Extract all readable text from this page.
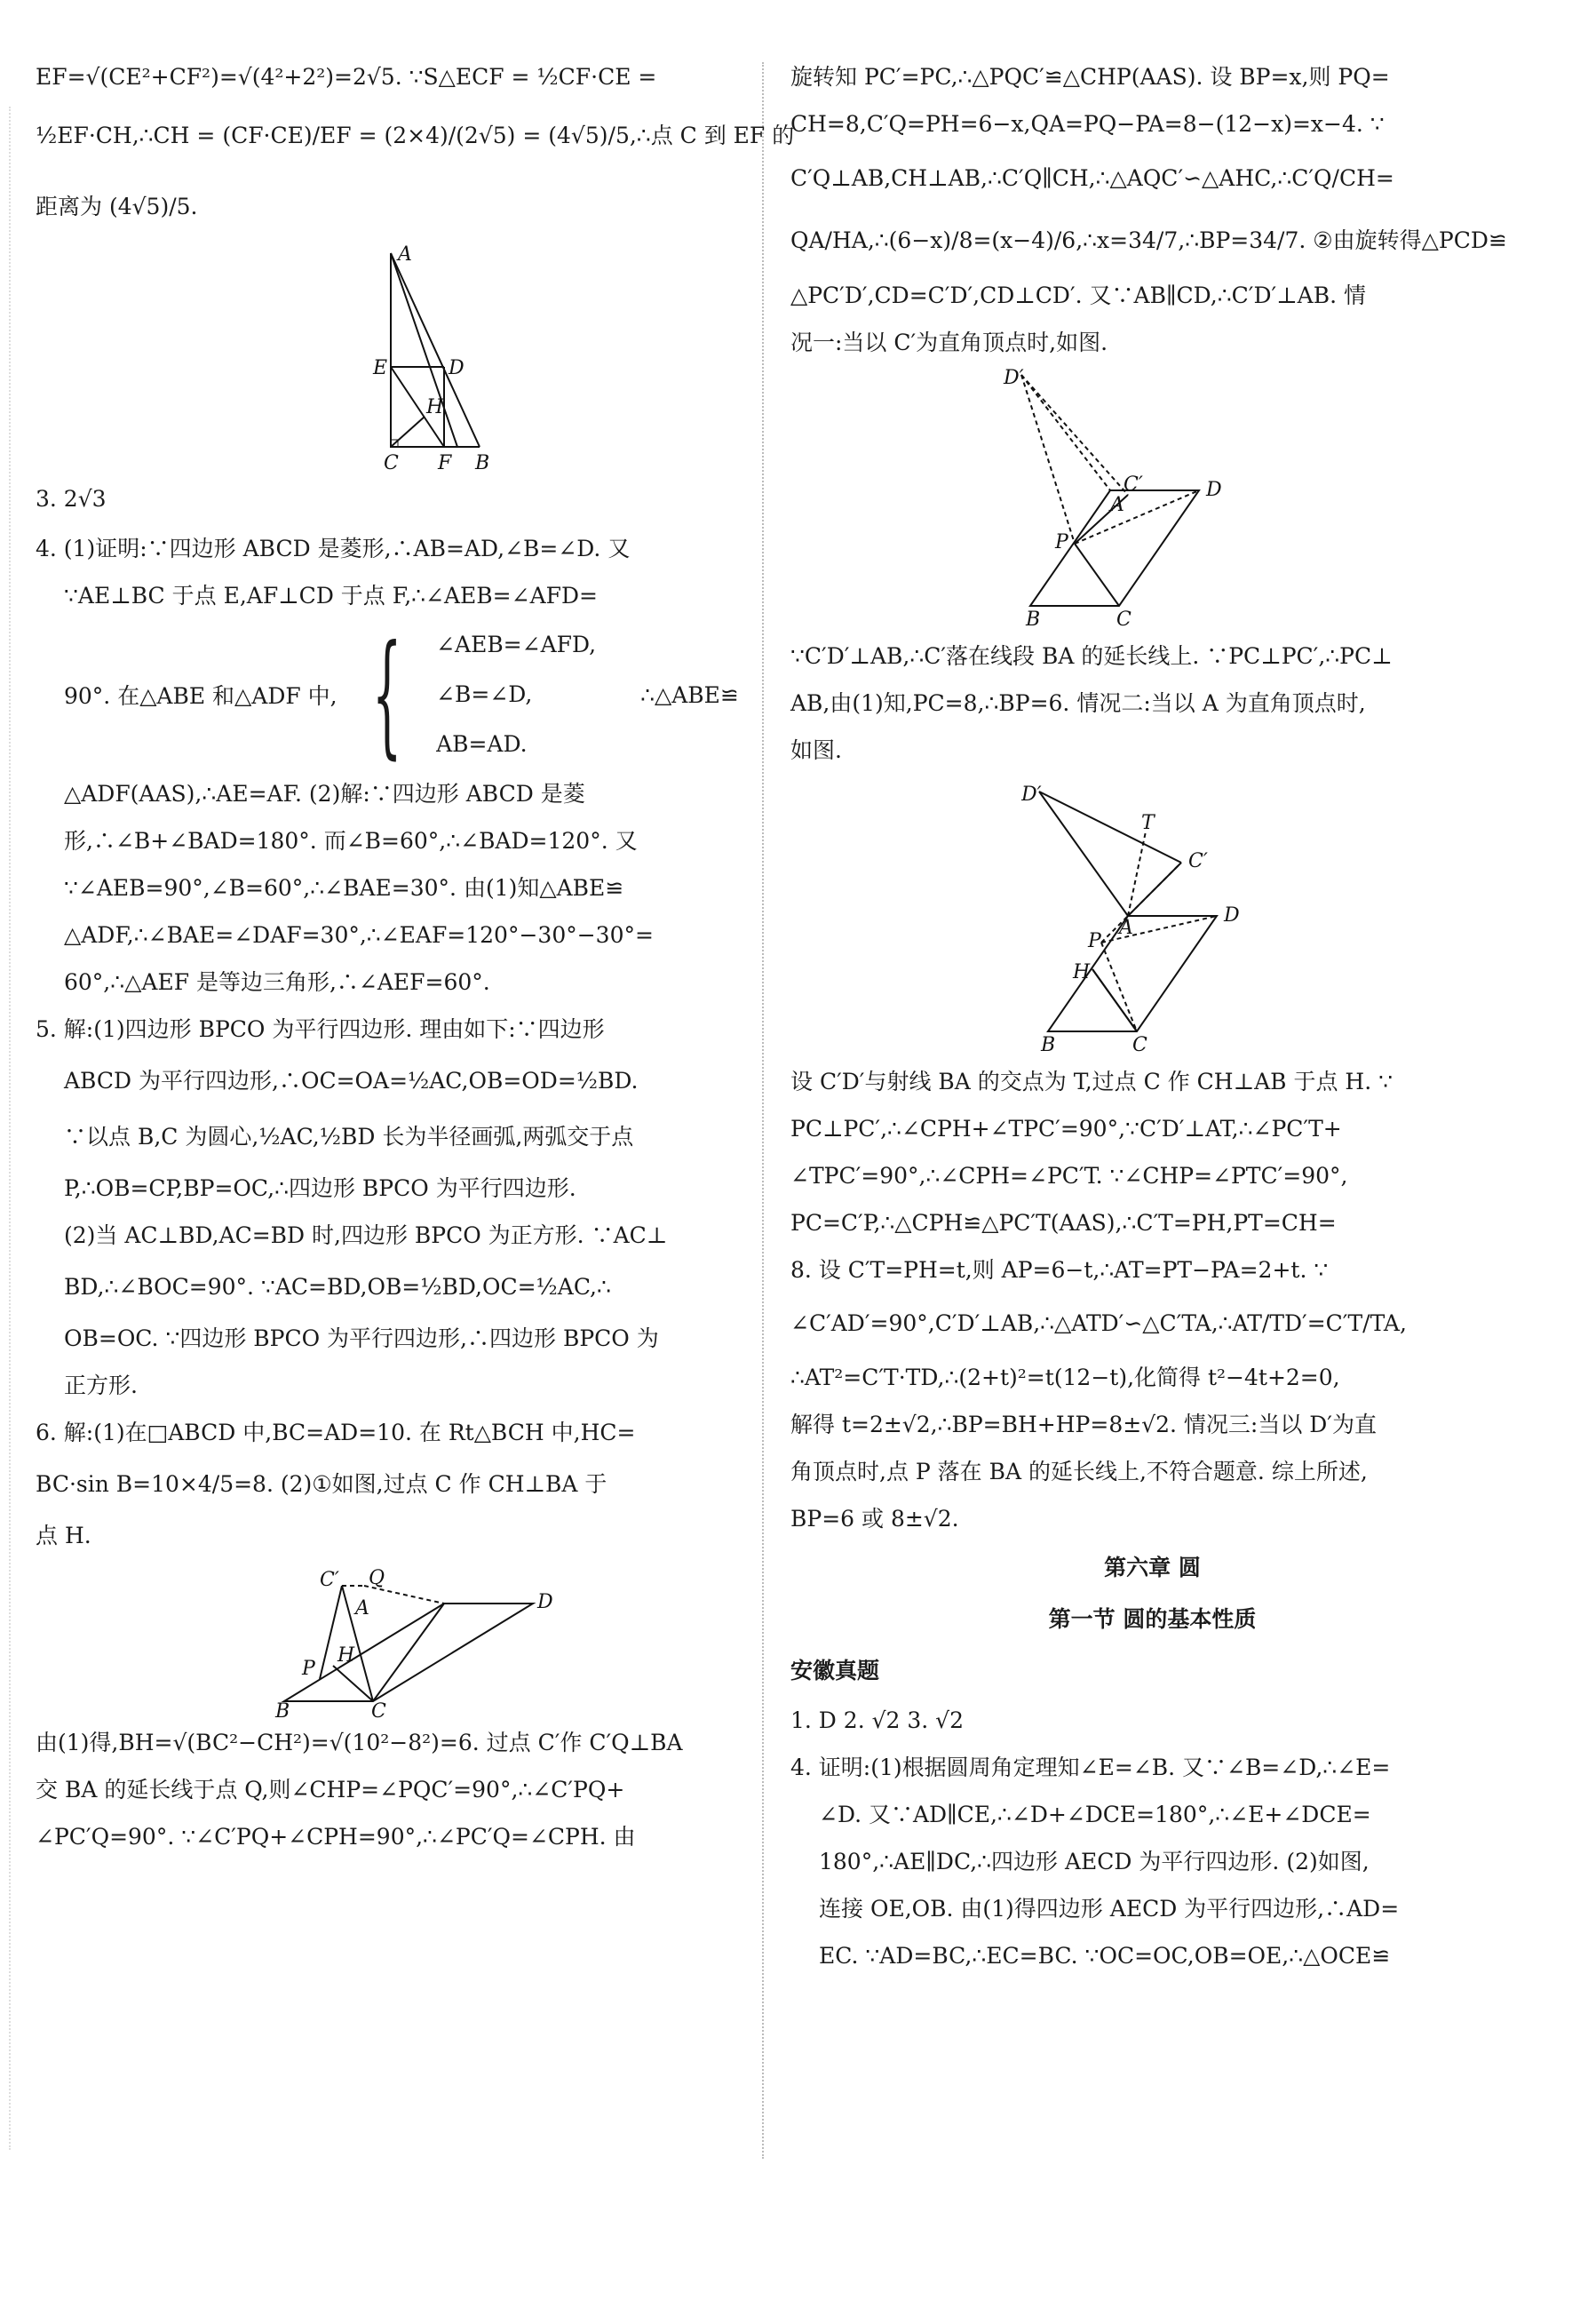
EF=√(CE²+CF²)=√(4²+2²)=2√5. ∵S△ECF = ½CF·CE =
½EF·CH,∴CH = (CF·CE)/EF = (2×4)/(2√5) = (4√5)/5,∴点 C 到 EF 的
距离为 (4√5)/5.
A
E	D
H
C F B
3. 2√3
4. (1)证明:∵四边形 ABCD 是菱形,∴AB=AD,∠B=∠D. 又
∵AE⊥BC 于点 E,AF⊥CD 于点 F,∴∠AEB=∠AFD=
90°. 在△ABE 和△ADF 中, { ∠AEB=∠AFD,
∠B=∠D,
AB=AD.
∴△ABE≌
△ADF(AAS),∴AE=AF. (2)解:∵四边形 ABCD 是菱
形,∴∠B+∠BAD=180°. 而∠B=60°,∴∠BAD=120°. 又
∵∠AEB=90°,∠B=60°,∴∠BAE=30°. 由(1)知△ABE≌
△ADF,∴∠BAE=∠DAF=30°,∴∠EAF=120°−30°−30°=
60°,∴△AEF 是等边三角形,∴∠AEF=60°.
5. 解:(1)四边形 BPCO 为平行四边形. 理由如下:∵四边形
ABCD 为平行四边形,∴OC=OA=½AC,OB=OD=½BD.
∵以点 B,C 为圆心,½AC,½BD 长为半径画弧,两弧交于点
P,∴OB=CP,BP=OC,∴四边形 BPCO 为平行四边形.
(2)当 AC⊥BD,AC=BD 时,四边形 BPCO 为正方形. ∵AC⊥
BD,∴∠BOC=90°. ∵AC=BD,OB=½BD,OC=½AC,∴
OB=OC. ∵四边形 BPCO 为平行四边形,∴四边形 BPCO 为
正方形.
6. 解:(1)在□ABCD 中,BC=AD=10. 在 Rt△BCH 中,HC=
BC·sin B=10×4/5=8. (2)①如图,过点 C 作 CH⊥BA 于
点 H.
C′ Q
A	D
P
H
B	C
由(1)得,BH=√(BC²−CH²)=√(10²−8²)=6. 过点 C′作 C′Q⊥BA
交 BA 的延长线于点 Q,则∠CHP=∠PQC′=90°,∴∠C′PQ+
∠PC′Q=90°. ∵∠C′PQ+∠CPH=90°,∴∠PC′Q=∠CPH. 由
旋转知 PC′=PC,∴△PQC′≌△CHP(AAS). 设 BP=x,则 PQ=
CH=8,C′Q=PH=6−x,QA=PQ−PA=8−(12−x)=x−4. ∵
C′Q⊥AB,CH⊥AB,∴C′Q∥CH,∴△AQC′∽△AHC,∴C′Q/CH=
QA/HA,∴(6−x)/8=(x−4)/6,∴x=34/7,∴BP=34/7. ②由旋转得△PCD≌
△PC′D′,CD=C′D′,CD⊥CD′. 又∵AB∥CD,∴C′D′⊥AB. 情
况一:当以 C′为直角顶点时,如图.
D′
C′
A
D
P
B	C
∵C′D′⊥AB,∴C′落在线段 BA 的延长线上. ∵PC⊥PC′,∴PC⊥
AB,由(1)知,PC=8,∴BP=6. 情况二:当以 A 为直角顶点时,
如图.
D′
T
C′
A
D
P
H
B	C
设 C′D′与射线 BA 的交点为 T,过点 C 作 CH⊥AB 于点 H. ∵
PC⊥PC′,∴∠CPH+∠TPC′=90°,∵C′D′⊥AT,∴∠PC′T+
∠TPC′=90°,∴∠CPH=∠PC′T. ∵∠CHP=∠PTC′=90°,
PC=C′P,∴△CPH≌△PC′T(AAS),∴C′T=PH,PT=CH=
8. 设 C′T=PH=t,则 AP=6−t,∴AT=PT−PA=2+t. ∵
∠C′AD′=90°,C′D′⊥AB,∴△ATD′∽△C′TA,∴AT/TD′=C′T/TA,
∴AT²=C′T·TD,∴(2+t)²=t(12−t),化简得 t²−4t+2=0,
解得 t=2±√2,∴BP=BH+HP=8±√2. 情况三:当以 D′为直
角顶点时,点 P 落在 BA 的延长线上,不符合题意. 综上所述,
BP=6 或 8±√2.
第六章 圆
第一节 圆的基本性质
安徽真题
1. D 2. √2 3. √2
4. 证明:(1)根据圆周角定理知∠E=∠B. 又∵∠B=∠D,∴∠E=
∠D. 又∵AD∥CE,∴∠D+∠DCE=180°,∴∠E+∠DCE=
180°,∴AE∥DC,∴四边形 AECD 为平行四边形. (2)如图,
连接 OE,OB. 由(1)得四边形 AECD 为平行四边形,∴AD=
EC. ∵AD=BC,∴EC=BC. ∵OC=OC,OB=OE,∴△OCE≌
